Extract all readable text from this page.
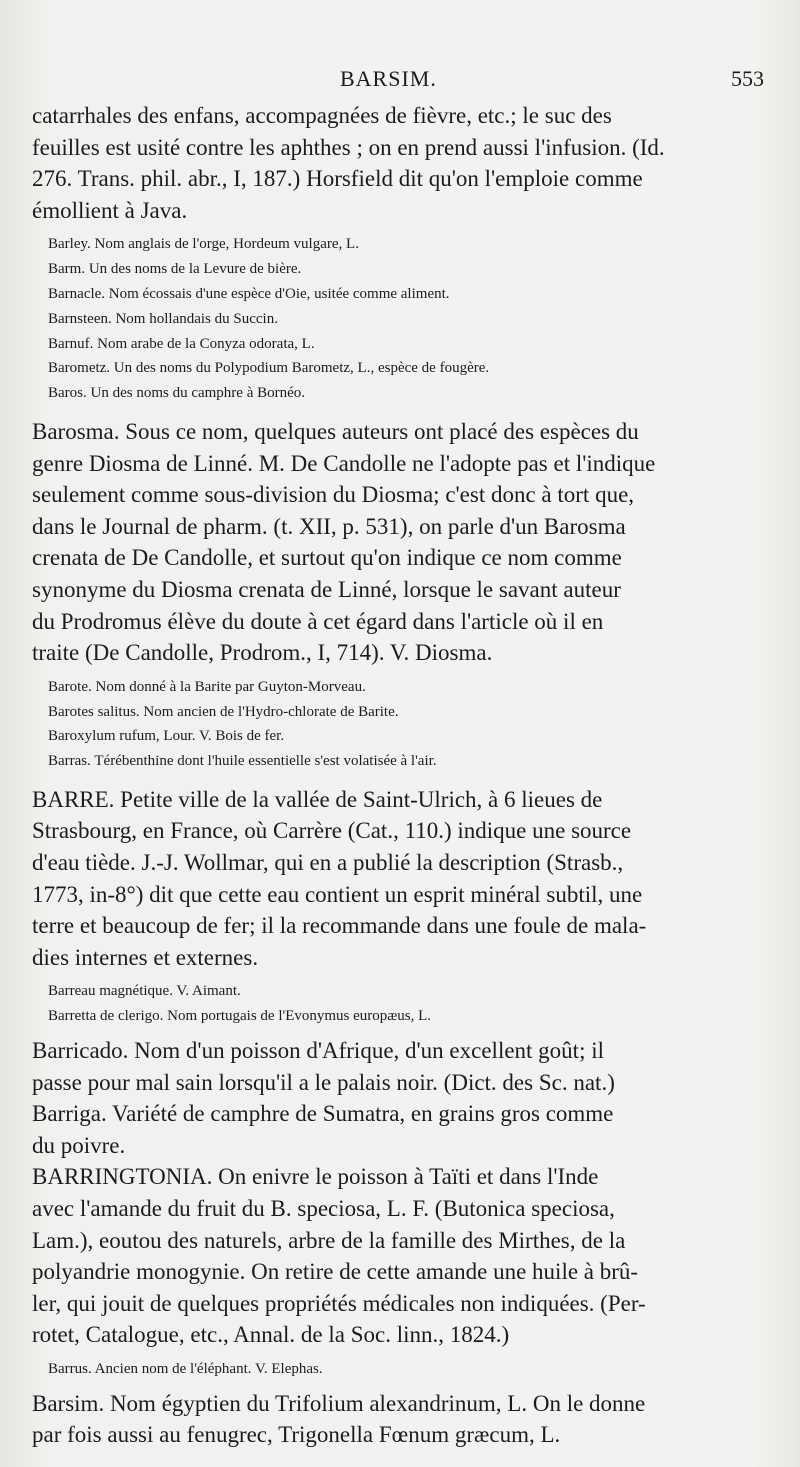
BARSIM.	553

catarrhales des enfans, accompagnées de fièvre, etc.; le suc des

feuilles est usité contre les aphthes ; on en prend aussi l'infusion. (Id.

276. Trans. phil. abr., I, 187.) Horsfield dit qu'on l'emploie comme

émollient à Java.

Barley. Nom anglais de l'orge, Hordeum vulgare, L.

Barm. Un des noms de la Levure de bière.

Barnacle. Nom écossais d'une espèce d'Oie, usitée comme aliment.

Barnsteen. Nom hollandais du Succin.

Barnuf. Nom arabe de la Conyza odorata, L.

Barometz. Un des noms du Polypodium Barometz, L., espèce de fougère.

Baros. Un des noms du camphre à Bornéo.

Barosma. Sous ce nom, quelques auteurs ont placé des espèces du

genre Diosma de Linné. M. De Candolle ne l'adopte pas et l'indique

seulement comme sous-division du Diosma; c'est donc à tort que,

dans le Journal de pharm. (t. XII, p. 531), on parle d'un Barosma

crenata de De Candolle, et surtout qu'on indique ce nom comme

synonyme du Diosma crenata de Linné, lorsque le savant auteur

du Prodromus élève du doute à cet égard dans l'article où il en

traite (De Candolle, Prodrom., I, 714). V. Diosma.

Barote. Nom donné à la Barite par Guyton-Morveau.

Barotes salitus. Nom ancien de l'Hydro-chlorate de Barite.

Baroxylum rufum, Lour. V. Bois de fer.

Barras. Térébenthine dont l'huile essentielle s'est volatisée à l'air.

BARRE. Petite ville de la vallée de Saint-Ulrich, à 6 lieues de

Strasbourg, en France, où Carrère (Cat., 110.) indique une source

d'eau tiède. J.-J. Wollmar, qui en a publié la description (Strasb.,

1773, in-8°) dit que cette eau contient un esprit minéral subtil, une

terre et beaucoup de fer; il la recommande dans une foule de mala-

dies internes et externes.

Barreau magnétique. V. Aimant.

Barretta de clerigo. Nom portugais de l'Evonymus europæus, L.

Barricado. Nom d'un poisson d'Afrique, d'un excellent goût; il

passe pour mal sain lorsqu'il a le palais noir. (Dict. des Sc. nat.)

Barriga. Variété de camphre de Sumatra, en grains gros comme

du poivre.

BARRINGTONIA. On enivre le poisson à Taïti et dans l'Inde

avec l'amande du fruit du B. speciosa, L. F. (Butonica speciosa,

Lam.), eoutou des naturels, arbre de la famille des Mirthes, de la

polyandrie monogynie. On retire de cette amande une huile à brû-

ler, qui jouit de quelques propriétés médicales non indiquées. (Per-

rotet, Catalogue, etc., Annal. de la Soc. linn., 1824.)

Barrus. Ancien nom de l'éléphant. V. Elephas.

Barsim. Nom égyptien du Trifolium alexandrinum, L. On le donne

par fois aussi au fenugrec, Trigonella Fœnum græcum, L.
